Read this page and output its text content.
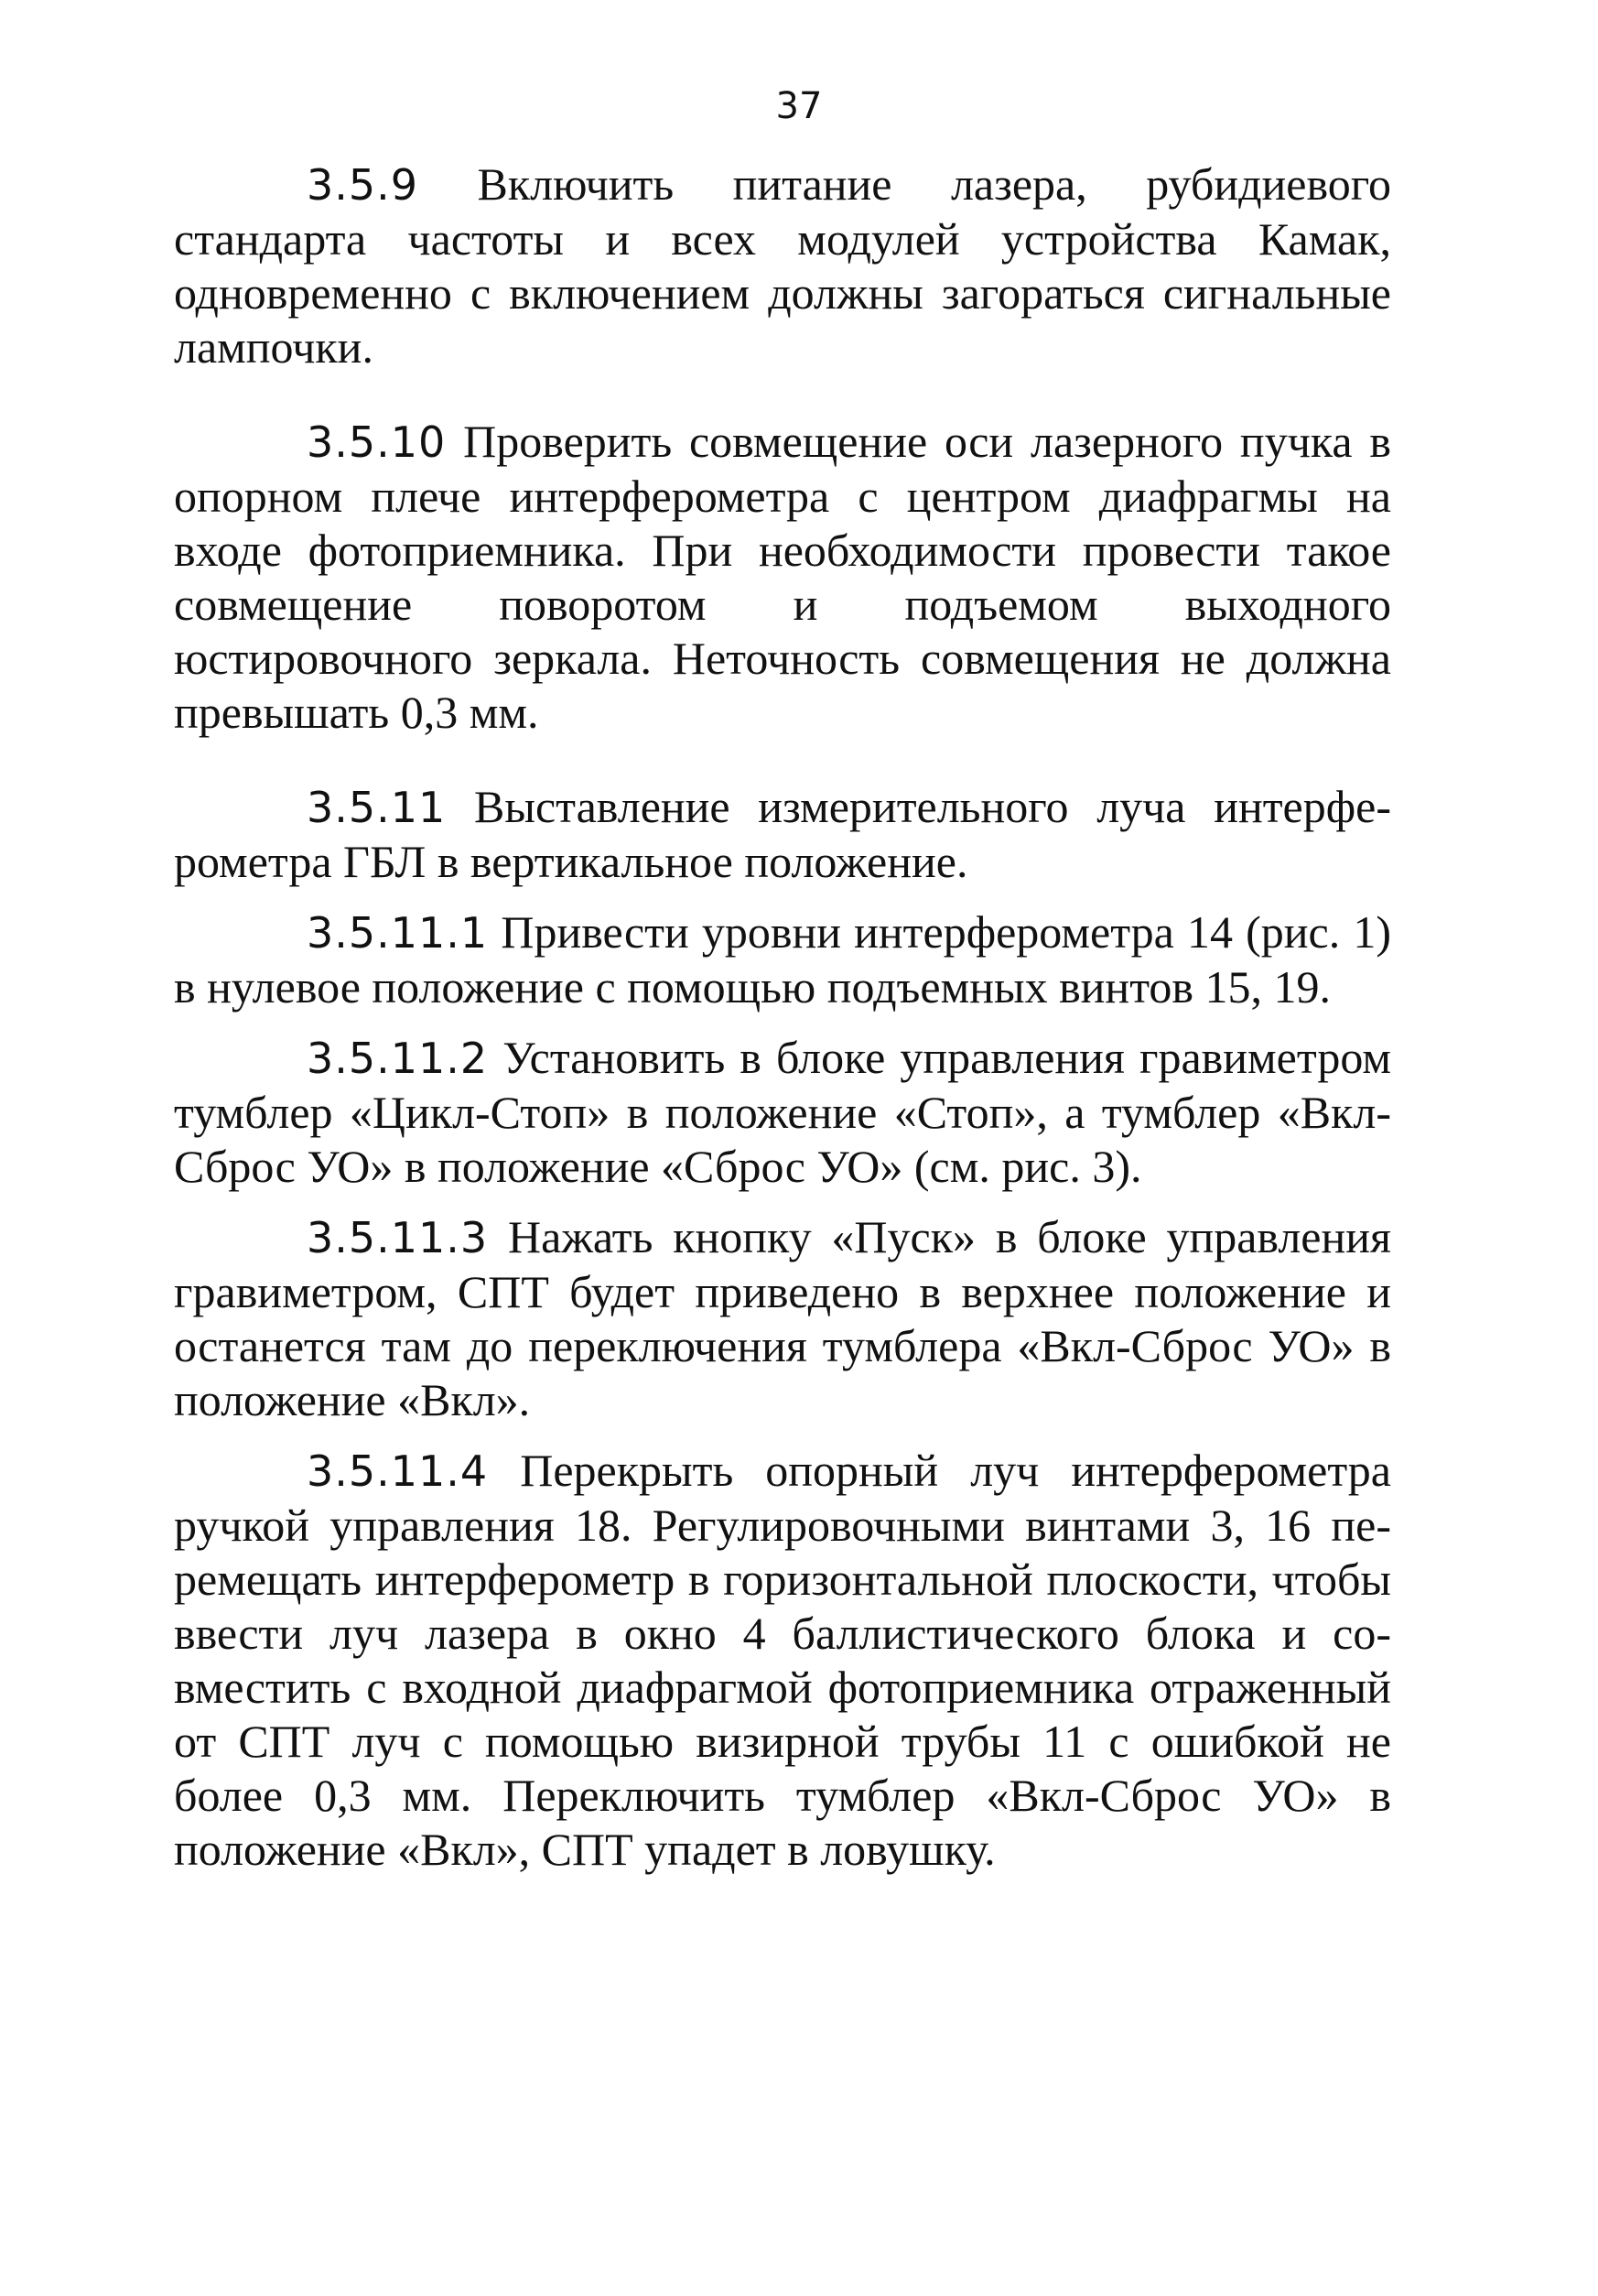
37

3.5.9 Включить питание лазера, рубидиевого стандарта частоты и всех модулей устройства Камак, одновременно с включением должны загораться сигнальные лампочки.

3.5.10 Проверить совмещение оси лазерного пучка в опорном плече интерферометра с центром диафрагмы на входе фотоприемника. При необходимости провести такое совмещение поворотом и подъемом выходного юстировочного зеркала. Неточность совмещения не должна превышать 0,3 мм.

3.5.11 Выставление измерительного луча интерферометра ГБЛ в вертикальное положение.

3.5.11.1 Привести уровни интерферометра 14 (рис. 1) в нулевое положение с помощью подъемных винтов 15, 19.

3.5.11.2 Установить в блоке управления гравиметром тумблер «Цикл-Стоп» в положение «Стоп», а тумблер «Вкл-Сброс УО» в положение «Сброс УО» (см. рис. 3).

3.5.11.3 Нажать кнопку «Пуск» в блоке управления гравиметром, СПТ будет приведено в верхнее положение и останется там до переключения тумблера «Вкл-Сброс УО» в положение «Вкл».

3.5.11.4 Перекрыть опорный луч интерферометра ручкой управления 18. Регулировочными винтами 3, 16 перемещать интерферометр в горизонтальной плоскости, чтобы ввести луч лазера в окно 4 баллистического блока и совместить с входной диафрагмой фотоприемника отраженный от СПТ луч с помощью визирной трубы 11 с ошибкой не более 0,3 мм. Переключить тумблер «Вкл-Сброс УО» в положение «Вкл», СПТ упадет в ловушку.
